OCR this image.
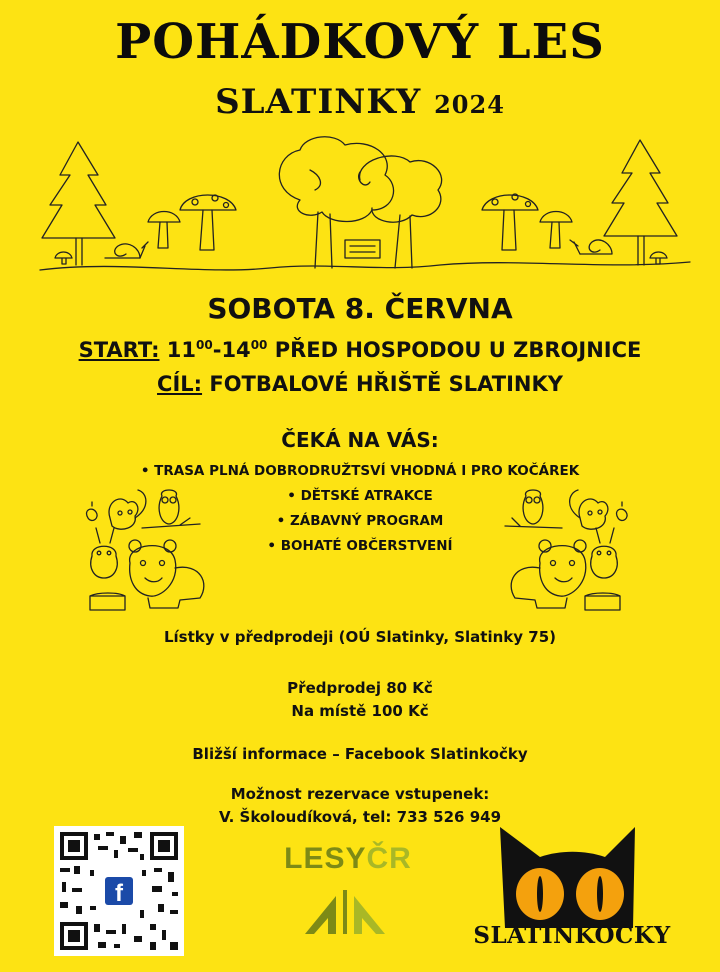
POHÁDKOVÝ LES
SLATINKY 2024
SOBOTA 8. ČERVNA
START: $11^{00}-14^{00}$ PŘED HOSPODOU U ZBROJNICE
CÍL: FOTBALOVÉ HŘIŠTĚ SLATINKY
ČEKÁ NA VÁS:
• TRASA PLNÁ DOBRODRUŽTSVÍ VHODNÁ I PRO KOČÁREK
• DĚTSKÉ ATRAKCE
• ZÁBAVNÝ PROGRAM
• BOHATÉ OBČERSTVENÍ
Lístky v předprodeji (OÚ Slatinky, Slatinky 75)
Předprodej 80 Kč
Na místě 100 Kč
Bližší informace – Facebook Slatinkočky
Možnost rezervace vstupenek:
V. Školoudíková, tel: 733 526 949
f
LESYČR
SLATINKOČKY
